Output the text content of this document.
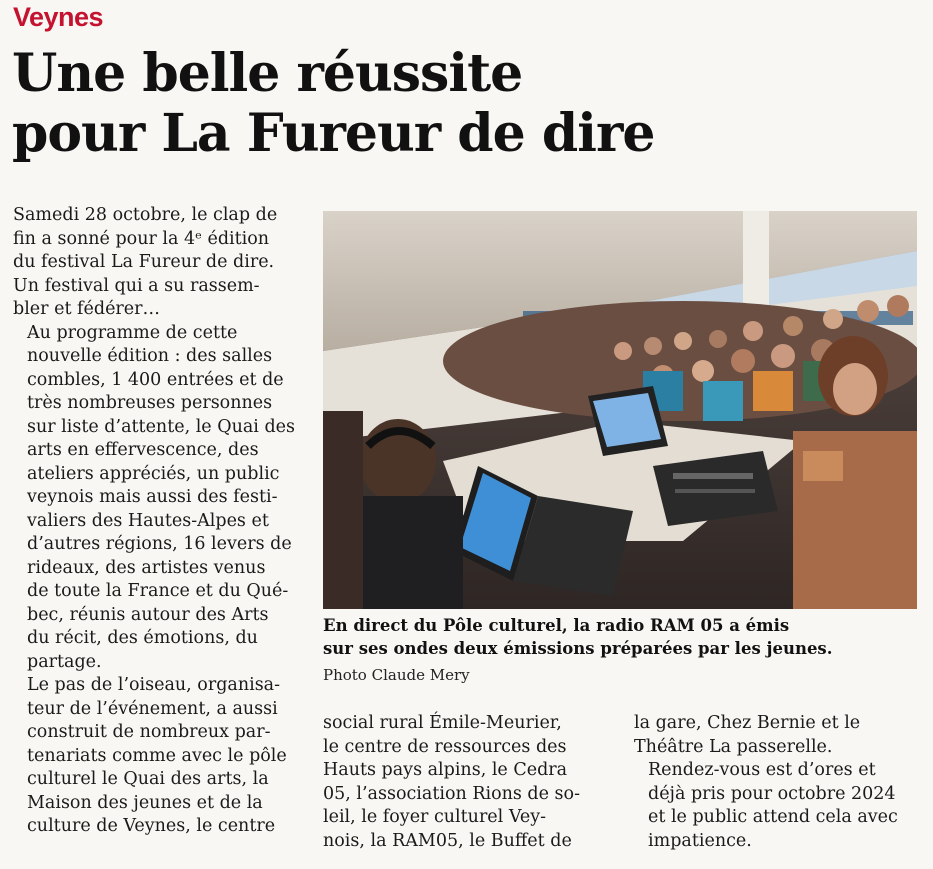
Veynes
Une belle réussite
pour La Fureur de dire

Samedi 28 octobre, le clap de
fin a sonné pour la 4ᵉ édition
du festival La Fureur de dire.
Un festival qui a su rassem-
bler et fédérer…

Au programme de cette
nouvelle édition : des salles
combles, 1 400 entrées et de
très nombreuses personnes
sur liste d’attente, le Quai des
arts en effervescence, des
ateliers appréciés, un public
veynois mais aussi des festi-
valiers des Hautes-Alpes et
d’autres régions, 16 levers de
rideaux, des artistes venus
de toute la France et du Qué-
bec, réunis autour des Arts
du récit, des émotions, du
partage.

Le pas de l’oiseau, organisa-
teur de l’événement, a aussi
construit de nombreux par-
tenariats comme avec le pôle
culturel le Quai des arts, la
Maison des jeunes et de la
culture de Veynes, le centre

En direct du Pôle culturel, la radio RAM 05 a émis
sur ses ondes deux émissions préparées par les jeunes.
Photo Claude Mery

social rural Émile-Meurier,
le centre de ressources des
Hauts pays alpins, le Cedra
05, l’association Rions de so-
leil, le foyer culturel Vey-
nois, la RAM05, le Buffet de

la gare, Chez Bernie et le
Théâtre La passerelle.

Rendez-vous est d’ores et
déjà pris pour octobre 2024
et le public attend cela avec
impatience.
